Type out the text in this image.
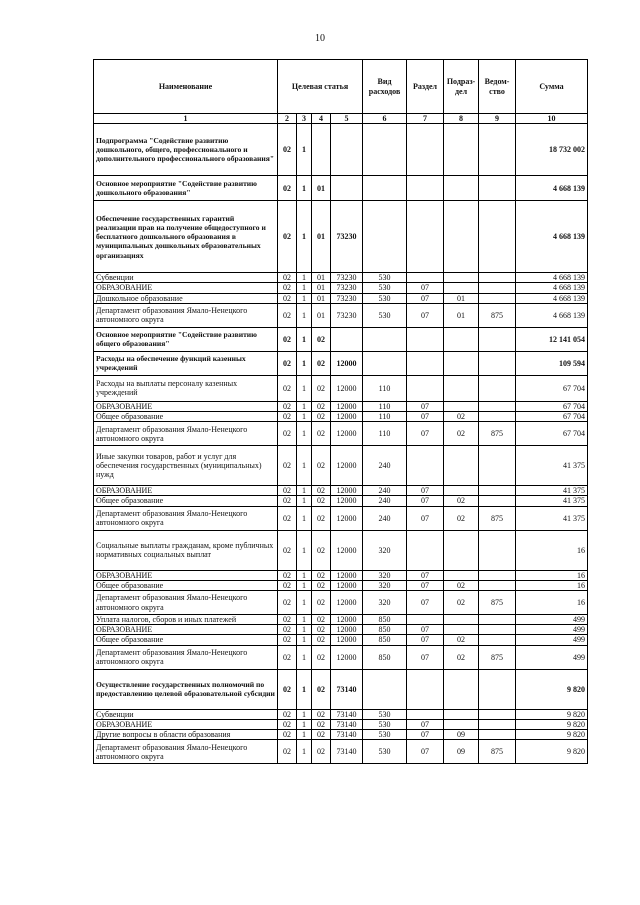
10
Наименование	Целевая статья				Вид расходов	Раздел	Подраз-дел	Ведом-ство	Сумма
1	2	3	4	5	6	7	8	9	10
Подпрограмма "Содействие развитию дошкольного, общего, профессионального и дополнительного профессионального образования"	02	1							18 732 002
Основное мероприятие "Содействие развитию дошкольного образования"	02	1	01						4 668 139
Обеспечение государственных гарантий реализации прав на получение общедоступного и бесплатного дошкольного образования в муниципальных дошкольных образовательных организациях	02	1	01	73230					4 668 139
Субвенции	02	1	01	73230	530				4 668 139
ОБРАЗОВАНИЕ	02	1	01	73230	530	07			4 668 139
Дошкольное образование	02	1	01	73230	530	07	01		4 668 139
Департамент образования Ямало-Ненецкого автономного округа	02	1	01	73230	530	07	01	875	4 668 139
Основное мероприятие "Содействие развитию общего образования"	02	1	02						12 141 054
Расходы на обеспечение функций казенных учреждений	02	1	02	12000					109 594
Расходы на выплаты персоналу казенных учреждений	02	1	02	12000	110				67 704
ОБРАЗОВАНИЕ	02	1	02	12000	110	07			67 704
Общее образование	02	1	02	12000	110	07	02		67 704
Департамент образования Ямало-Ненецкого автономного округа	02	1	02	12000	110	07	02	875	67 704
Иные закупки товаров, работ и услуг для обеспечения государственных (муниципальных) нужд	02	1	02	12000	240				41 375
ОБРАЗОВАНИЕ	02	1	02	12000	240	07			41 375
Общее образование	02	1	02	12000	240	07	02		41 375
Департамент образования Ямало-Ненецкого автономного округа	02	1	02	12000	240	07	02	875	41 375
Социальные выплаты гражданам, кроме публичных нормативных социальных выплат	02	1	02	12000	320				16
ОБРАЗОВАНИЕ	02	1	02	12000	320	07			16
Общее образование	02	1	02	12000	320	07	02		16
Департамент образования Ямало-Ненецкого автономного округа	02	1	02	12000	320	07	02	875	16
Уплата налогов, сборов и иных платежей	02	1	02	12000	850				499
ОБРАЗОВАНИЕ	02	1	02	12000	850	07			499
Общее образование	02	1	02	12000	850	07	02		499
Департамент образования Ямало-Ненецкого автономного округа	02	1	02	12000	850	07	02	875	499
Осуществление государственных полномочий по предоставлению целевой образовательной субсидии	02	1	02	73140					9 820
Субвенции	02	1	02	73140	530				9 820
ОБРАЗОВАНИЕ	02	1	02	73140	530	07			9 820
Другие вопросы в области образования	02	1	02	73140	530	07	09		9 820
Департамент образования Ямало-Ненецкого автономного округа	02	1	02	73140	530	07	09	875	9 820
